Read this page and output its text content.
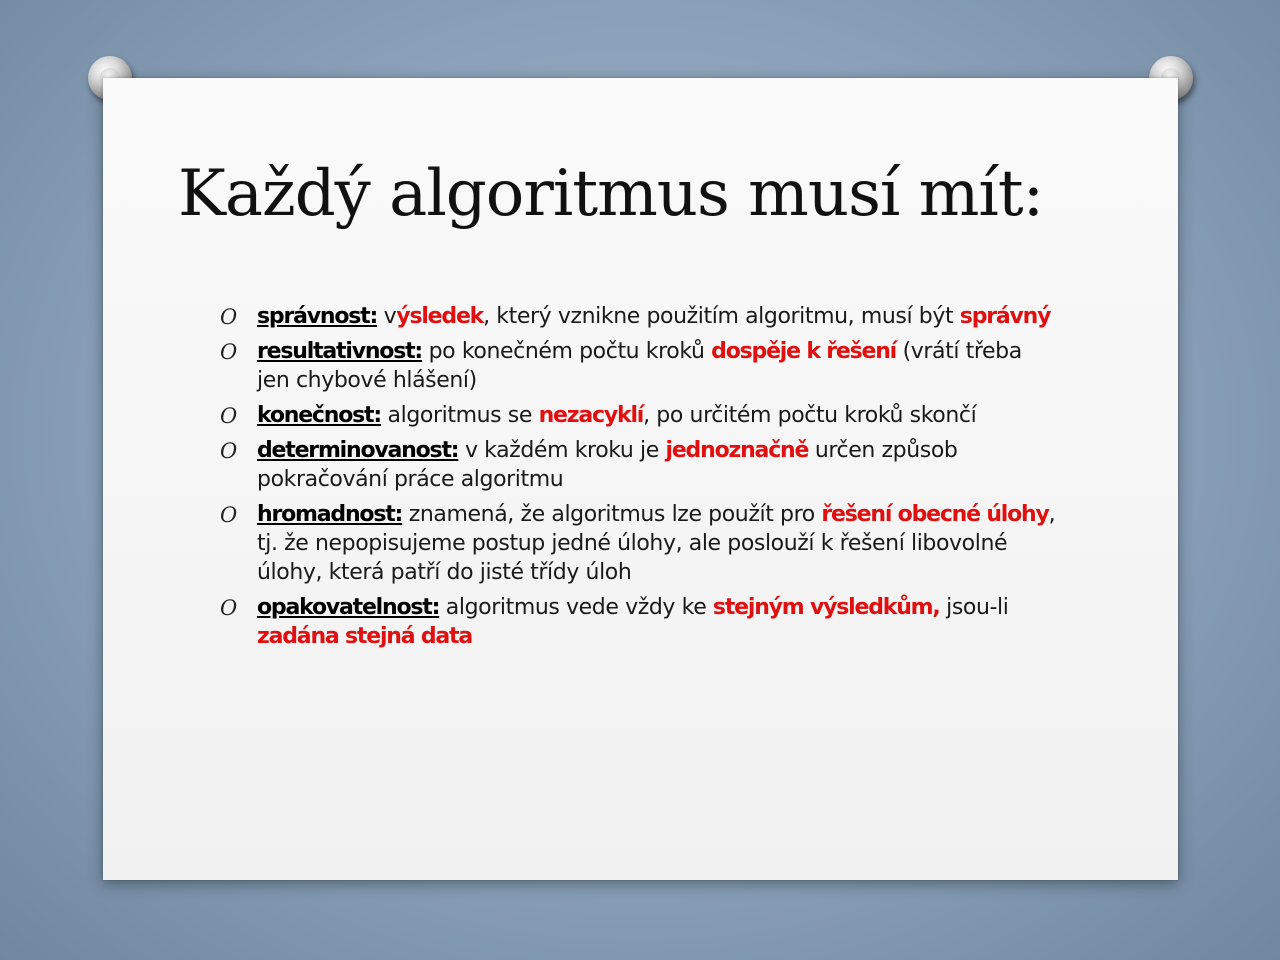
Každý algoritmus musí mít:
O správnost: výsledek, který vznikne použitím algoritmu, musí být správný
O resultativnost: po konečném počtu kroků dospěje k řešení (vrátí třeba jen chybové hlášení)
O konečnost: algoritmus se nezacyklí, po určitém počtu kroků skončí
O determinovanost: v každém kroku je jednoznačně určen způsob pokračování práce algoritmu
O hromadnost: znamená, že algoritmus lze použít pro řešení obecné úlohy, tj. že nepopisujeme postup jedné úlohy, ale poslouží k řešení libovolné úlohy, která patří do jisté třídy úloh
O opakovatelnost: algoritmus vede vždy ke stejným výsledkům, jsou-li zadána stejná data
